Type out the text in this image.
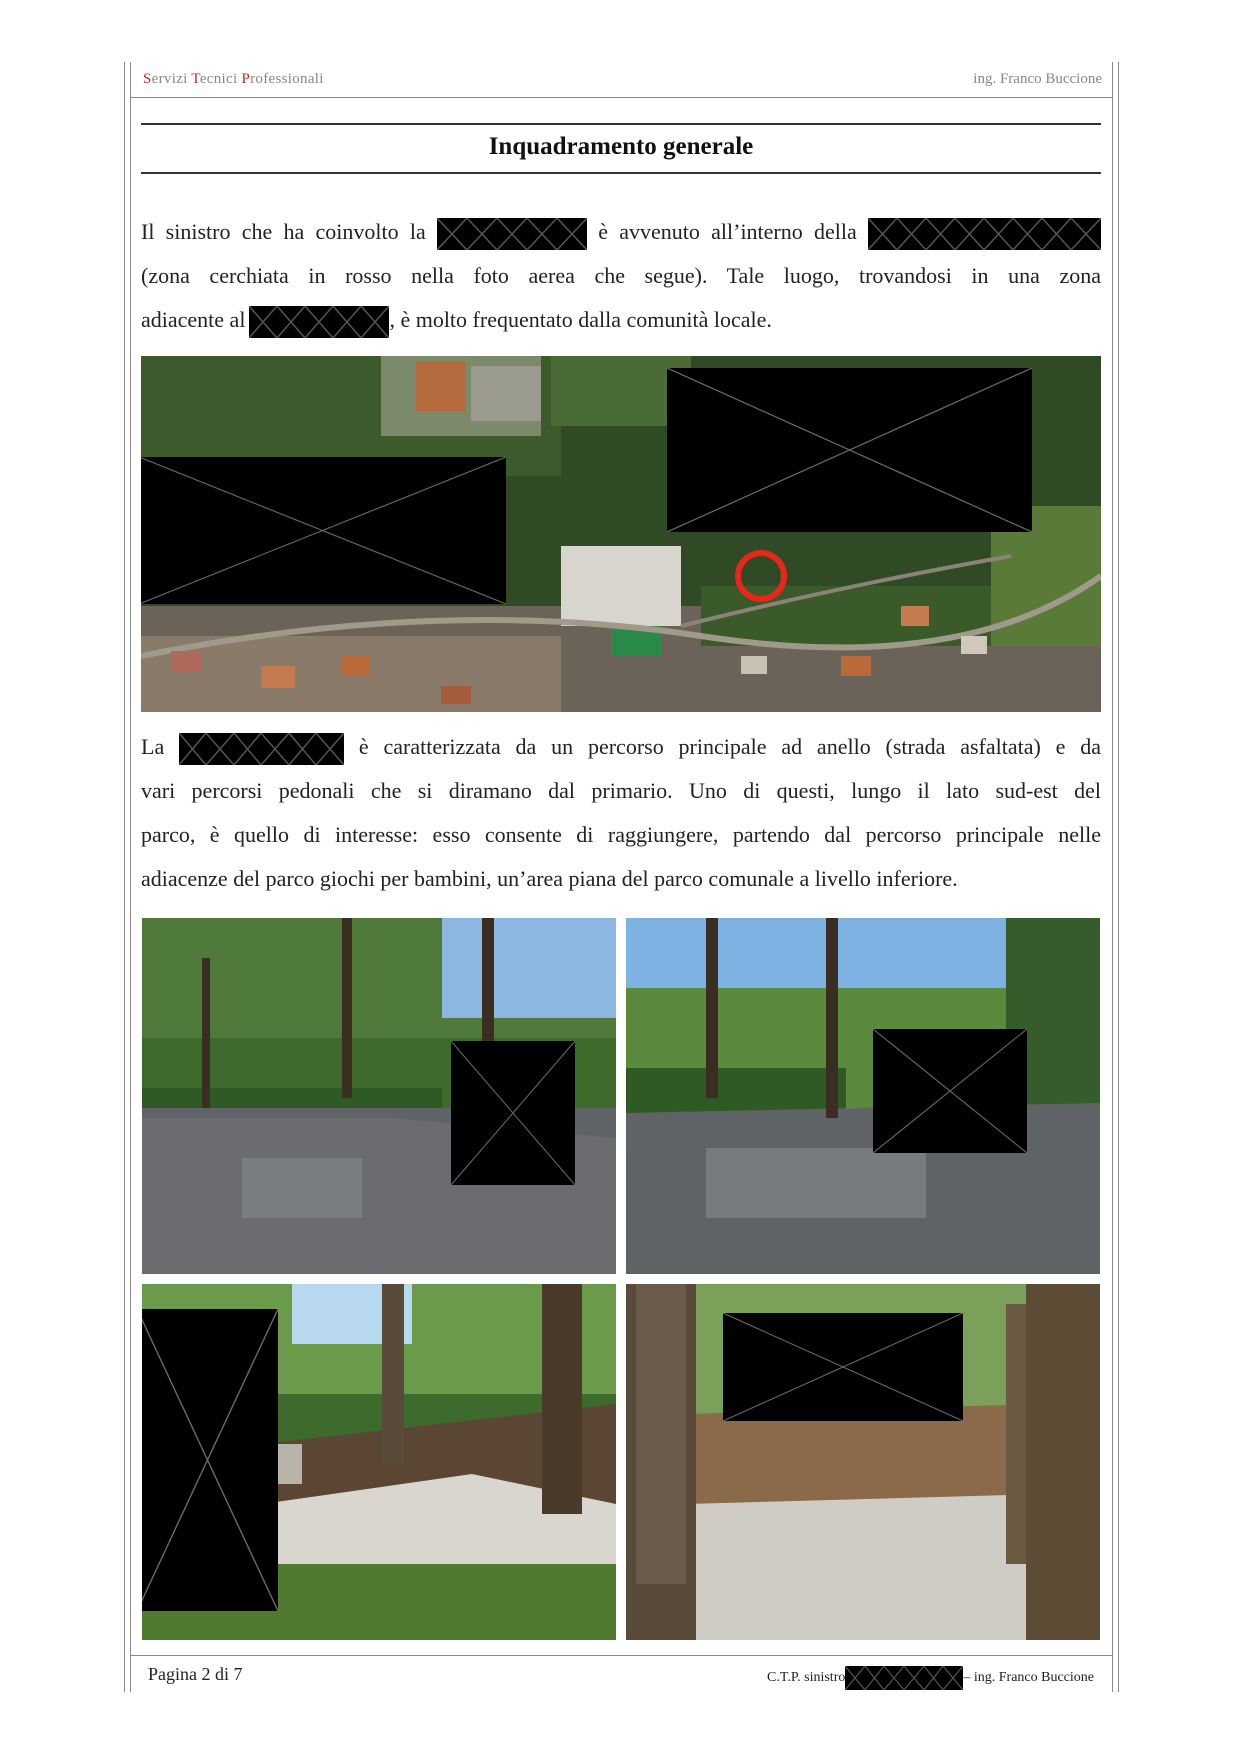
Servizi Tecnici Professionali	ing. Franco Buccione
Inquadramento generale
Il sinistro che ha coinvolto la	è avvenuto all’interno della
(zona cerchiata in rosso nella foto aerea che segue). Tale luogo, trovandosi in una zona
adiacente al	, è molto frequentato dalla comunità locale.
La	è caratterizzata da un percorso principale ad anello (strada asfaltata) e da
vari percorsi pedonali che si diramano dal primario. Uno di questi, lungo il lato sud-est del
parco, è quello di interesse: esso consente di raggiungere, partendo dal percorso principale nelle
adiacenze del parco giochi per bambini, un’area piana del parco comunale a livello inferiore.
Pagina 2 di 7	C.T.P. sinistro	– ing. Franco Buccione
